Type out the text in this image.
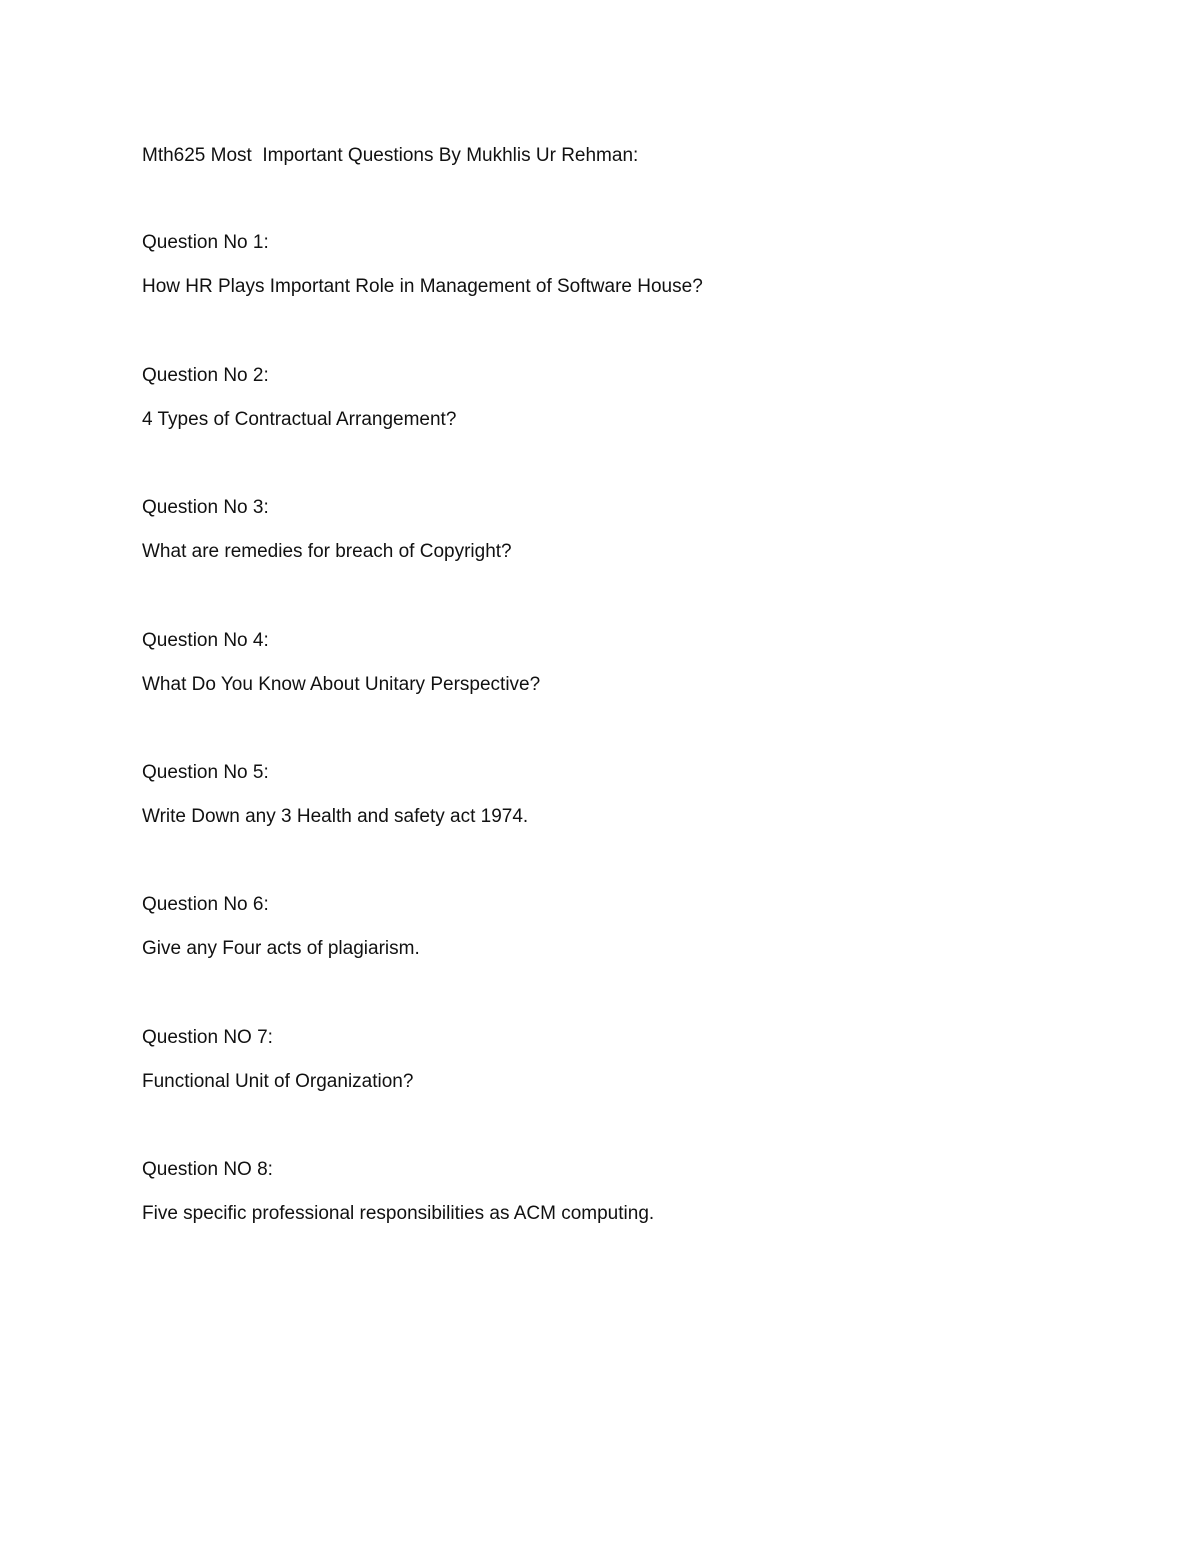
Mth625 Most  Important Questions By Mukhlis Ur Rehman:
Question No 1:
How HR Plays Important Role in Management of Software House?
Question No 2:
4 Types of Contractual Arrangement?
Question No 3:
What are remedies for breach of Copyright?
Question No 4:
What Do You Know About Unitary Perspective?
Question No 5:
Write Down any 3 Health and safety act 1974.
Question No 6:
Give any Four acts of plagiarism.
Question NO 7:
Functional Unit of Organization?
Question NO 8:
Five specific professional responsibilities as ACM computing.
